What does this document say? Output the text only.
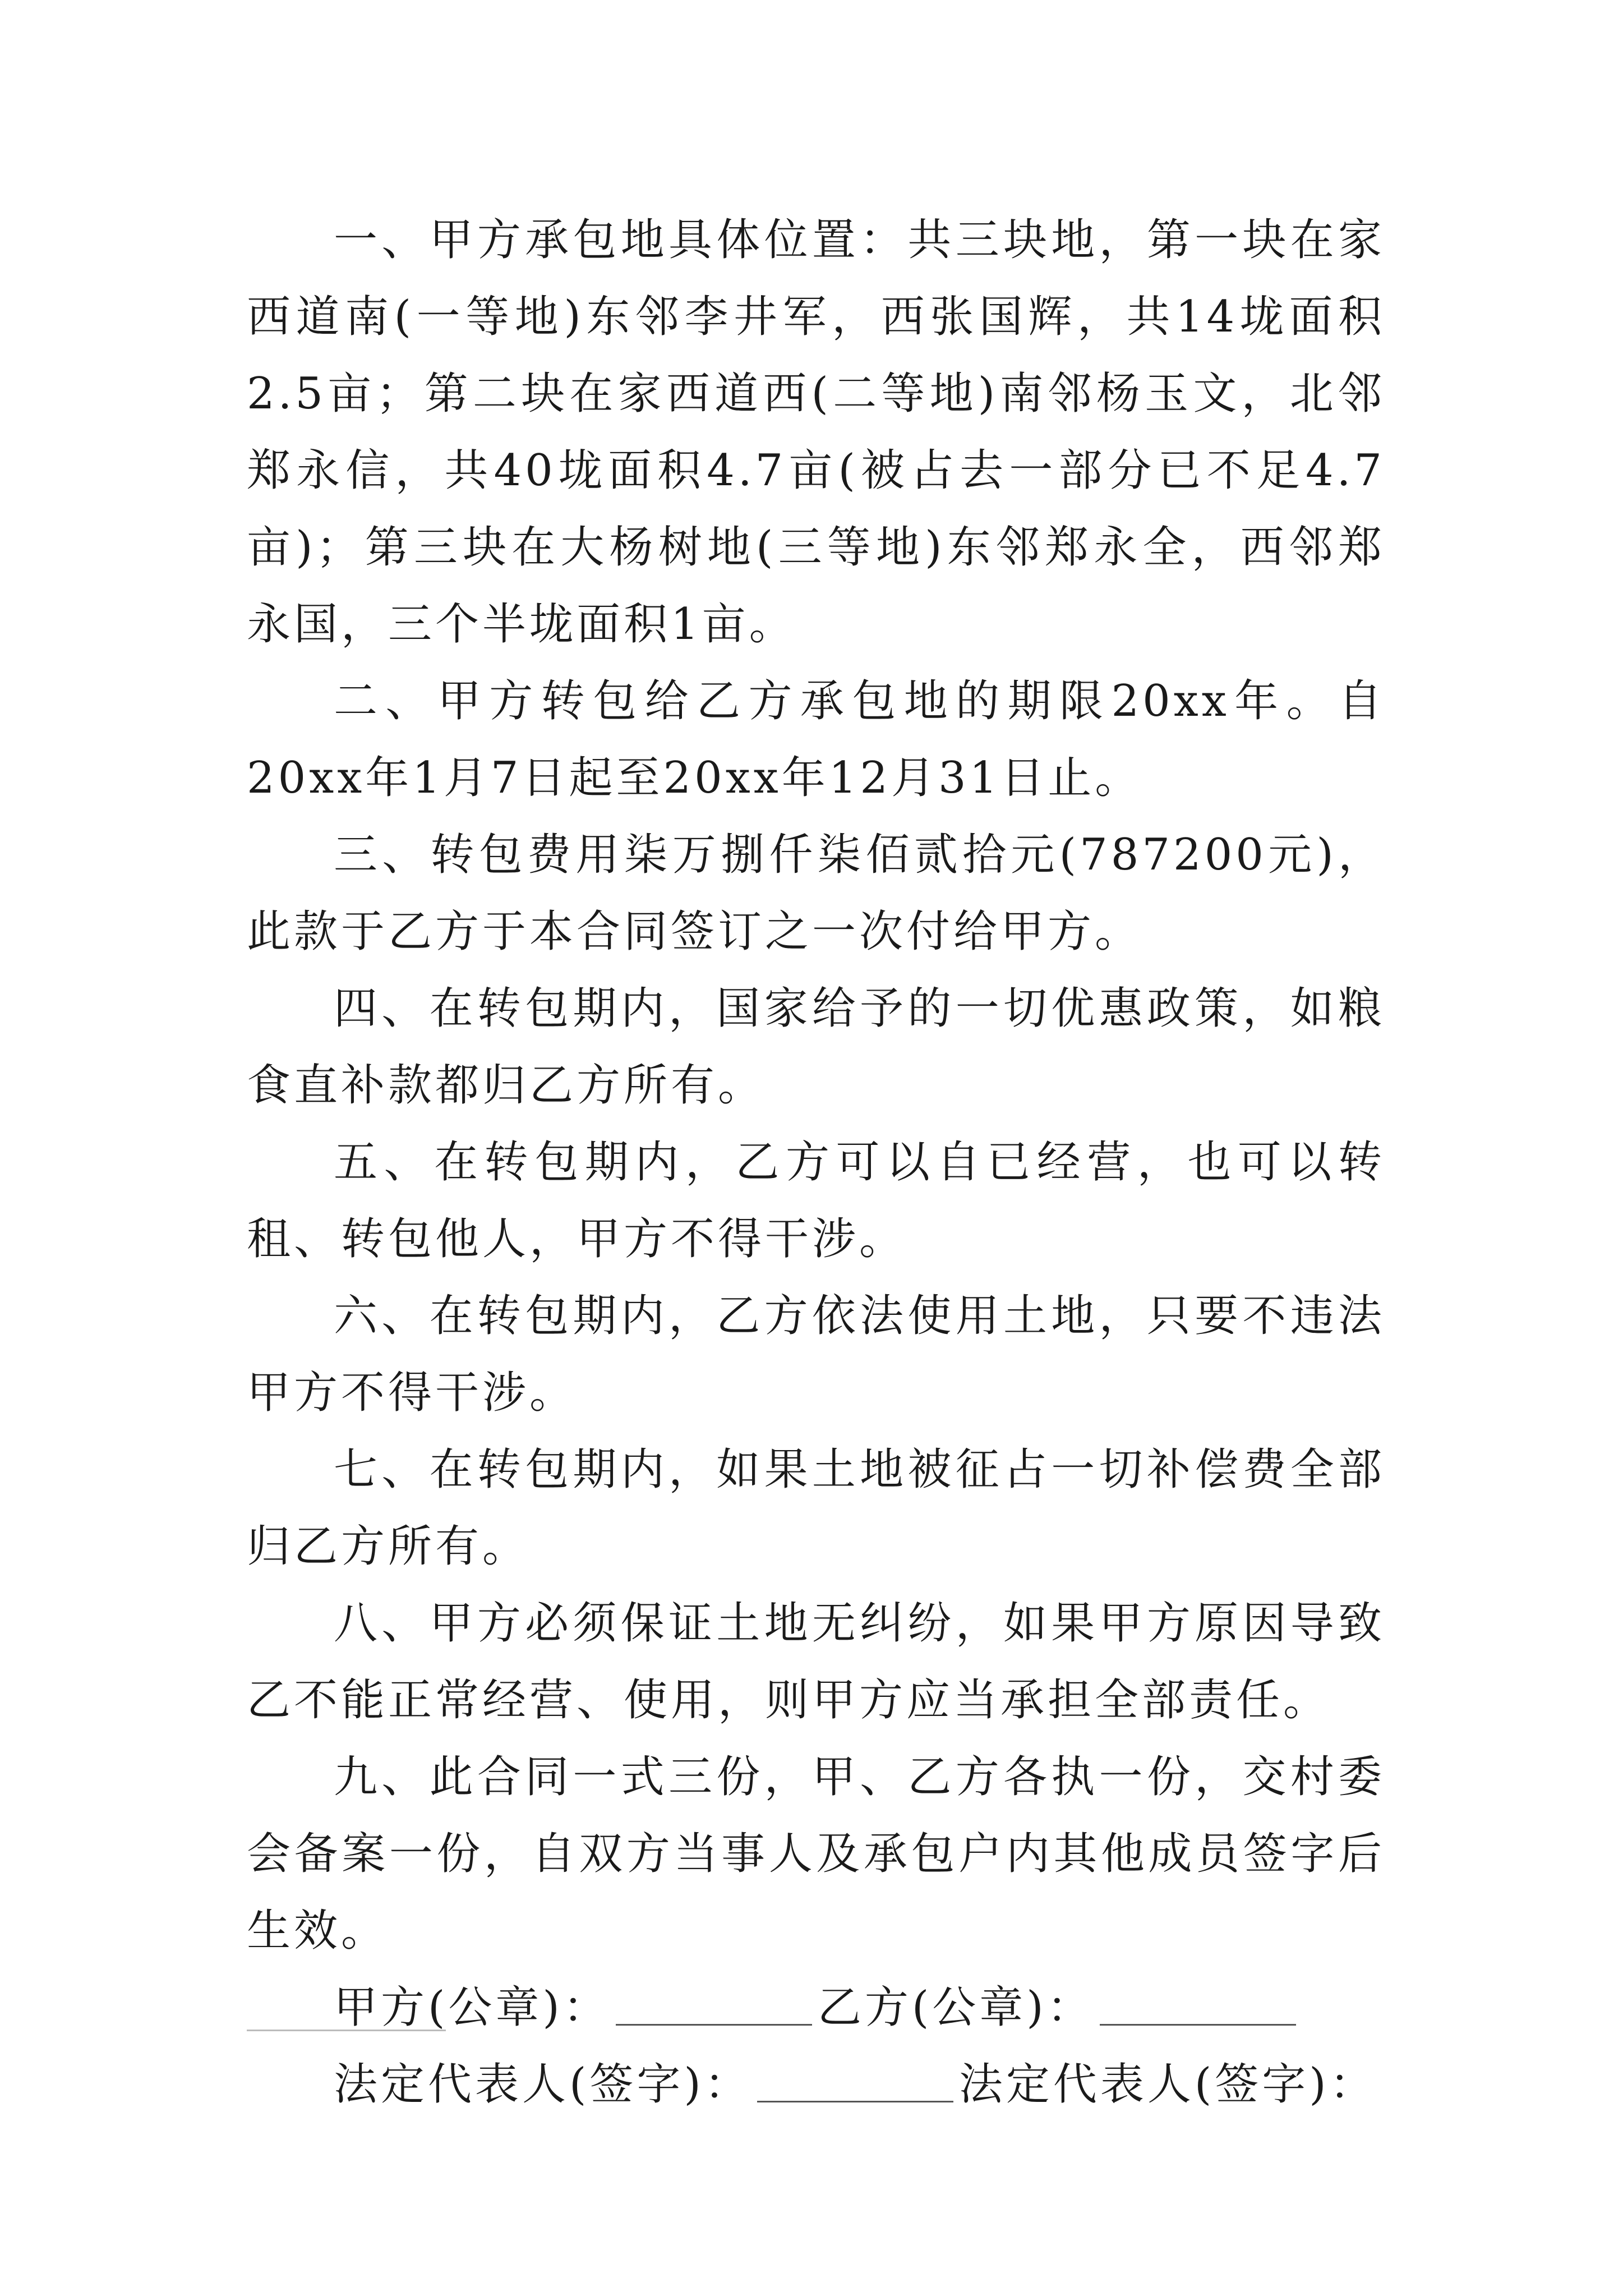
一、甲方承包地具体位置：共三块地，第一块在家西道南(一等地)东邻李井军，西张国辉，共14垅面积2.5亩；第二块在家西道西(二等地)南邻杨玉文，北邻郑永信，共40垅面积4.7亩(被占去一部分已不足4.7亩)；第三块在大杨树地(三等地)东邻郑永全，西邻郑永国，三个半垅面积1亩。

二、甲方转包给乙方承包地的期限20xx年。自20xx年1月7日起至20xx年12月31日止。

三、转包费用柒万捌仟柒佰贰拾元(787200元)，此款于乙方于本合同签订之一次付给甲方。

四、在转包期内，国家给予的一切优惠政策，如粮食直补款都归乙方所有。

五、在转包期内，乙方可以自已经营，也可以转租、转包他人，甲方不得干涉。

六、在转包期内，乙方依法使用土地，只要不违法甲方不得干涉。

七、在转包期内，如果土地被征占一切补偿费全部归乙方所有。

八、甲方必须保证土地无纠纷，如果甲方原因导致乙不能正常经营、使用，则甲方应当承担全部责任。

九、此合同一式三份，甲、乙方各执一份，交村委会备案一份，自双方当事人及承包户内其他成员签字后生效。

甲方(公章)：	乙方(公章)：
法定代表人(签字)：	法定代表人(签字)：
